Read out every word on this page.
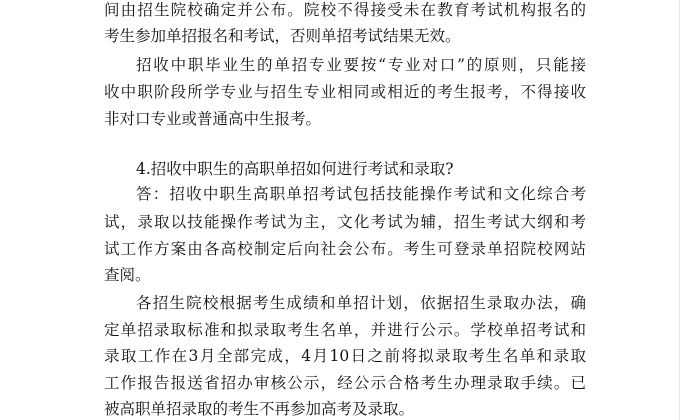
间由招生院校确定并公布。院校不得接受未在教育考试机构报名的
考生参加单招报名和考试，否则单招考试结果无效。
招收中职毕业生的单招专业要按“专业对口”的原则，只能接
收中职阶段所学专业与招生专业相同或相近的考生报考，不得接收
非对口专业或普通高中生报考。
4.招收中职生的高职单招如何进行考试和录取?
答：招收中职生高职单招考试包括技能操作考试和文化综合考
试，录取以技能操作考试为主，文化考试为辅，招生考试大纲和考
试工作方案由各高校制定后向社会公布。考生可登录单招院校网站
查阅。
各招生院校根据考生成绩和单招计划，依据招生录取办法，确
定单招录取标准和拟录取考生名单，并进行公示。学校单招考试和
录取工作在3月全部完成，4月10日之前将拟录取考生名单和录取
工作报告报送省招办审核公示，经公示合格考生办理录取手续。已
被高职单招录取的考生不再参加高考及录取。
